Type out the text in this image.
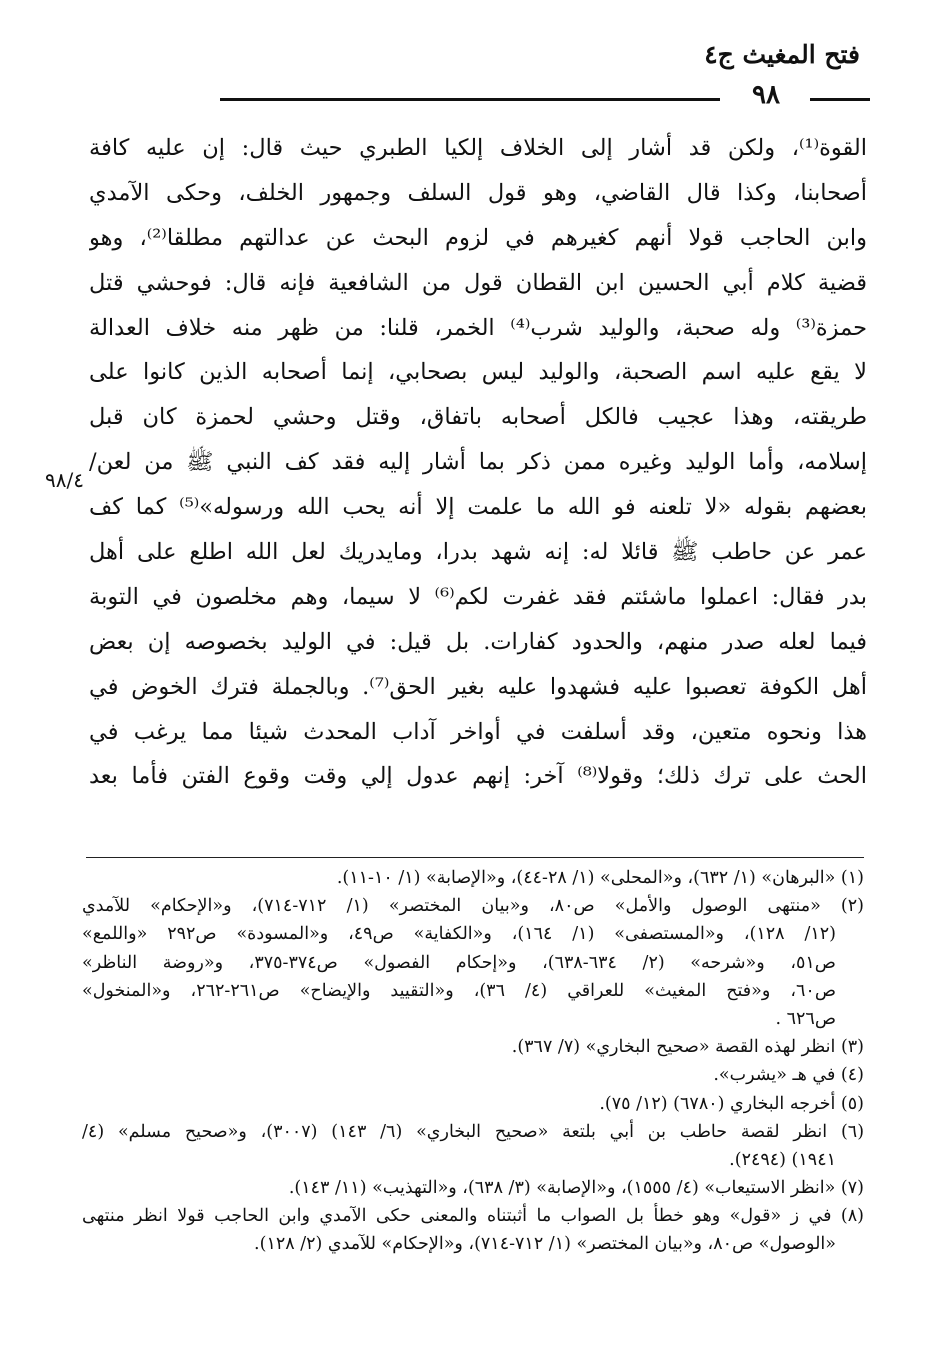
فتح المغيث ج٤
٩٨
٩٨/٤
القوة⁽¹⁾، ولكن قد أشار إلى الخلاف إلكيا الطبري حيث قال: إن عليه كافة
أصحابنا، وكذا قال القاضي، وهو قول السلف وجمهور الخلف، وحكى الآمدي
وابن الحاجب قولا أنهم كغيرهم في لزوم البحث عن عدالتهم مطلقا⁽²⁾، وهو
قضية كلام أبي الحسين ابن القطان قول من الشافعية فإنه قال: فوحشي قتل
حمزة⁽³⁾ وله صحبة، والوليد شرب⁽⁴⁾ الخمر، قلنا: من ظهر منه خلاف العدالة
لا يقع عليه اسم الصحبة، والوليد ليس بصحابي، إنما أصحابه الذين كانوا على
طريقته، وهذا عجيب فالكل أصحابه باتفاق، وقتل وحشي لحمزة كان قبل
إسلامه، وأما الوليد وغيره ممن ذكر بما أشار إليه فقد كف النبي ﷺ من لعن/
بعضهم بقوله «لا تلعنه فو الله ما علمت إلا أنه يحب الله ورسوله»⁽⁵⁾ كما كف
عمر عن حاطب ﷺ قائلا له: إنه شهد بدرا، ومايدريك لعل الله اطلع على أهل
بدر فقال: اعملوا ماشئتم فقد غفرت لكم⁽⁶⁾ لا سيما، وهم مخلصون في التوبة
فيما لعله صدر منهم، والحدود كفارات. بل قيل: في الوليد بخصوصه إن بعض
أهل الكوفة تعصبوا عليه فشهدوا عليه بغير الحق⁽⁷⁾. وبالجملة فترك الخوض في
هذا ونحوه متعين، وقد أسلفت في أواخر آداب المحدث شيئا مما يرغب في
الحث على ترك ذلك؛ وقولا⁽⁸⁾ آخر: إنهم عدول إلي وقت وقوع الفتن فأما بعد
(١) «البرهان» (١/ ٦٣٢)، و«المحلى» (١/ ٢٨-٤٤)، و«الإصابة» (١/ ١٠-١١).
(٢) «منتهى الوصول والأمل» ص٨٠، و«بيان المختصر» (١/ ٧١٢-٧١٤)، و«الإحكام» للآمدي
(١٢/ ١٢٨)، و«المستصفى» (١/ ١٦٤)، و«الكفاية» ص٤٩، و«المسودة» ص٢٩٢ «واللمع»
ص٥١، و«شرحه» (٢/ ٦٣٤-٦٣٨)، و«إحكام الفصول» ص٣٧٤-٣٧٥، و«روضة الناظر»
ص٦٠، و«فتح المغيث» للعراقي (٤/ ٣٦)، و«التقييد والإيضاح» ص٢٦١-٢٦٢، و«المنخول»
ص٦٢٦ .
(٣) انظر لهذه القصة «صحيح البخاري» (٧/ ٣٦٧).
(٤) في هـ «يشرب».
(٥) أخرجه البخاري (٦٧٨٠) (١٢/ ٧٥).
(٦) انظر لقصة حاطب بن أبي بلتعة «صحيح البخاري» (٦/ ١٤٣) (٣٠٠٧)، و«صحيح مسلم» (٤/
١٩٤١) (٢٤٩٤).
(٧) «انظر الاستيعاب» (٤/ ١٥٥٥)، و«الإصابة» (٣/ ٦٣٨)، و«التهذيب» (١١/ ١٤٣).
(٨) في ز «قول» وهو خطأ بل الصواب ما أثبتناه والمعنى حكى الآمدي وابن الحاجب قولا انظر منتهى
«الوصول» ص٨٠، و«بيان المختصر» (١/ ٧١٢-٧١٤)، و«الإحكام» للآمدي (٢/ ١٢٨).
